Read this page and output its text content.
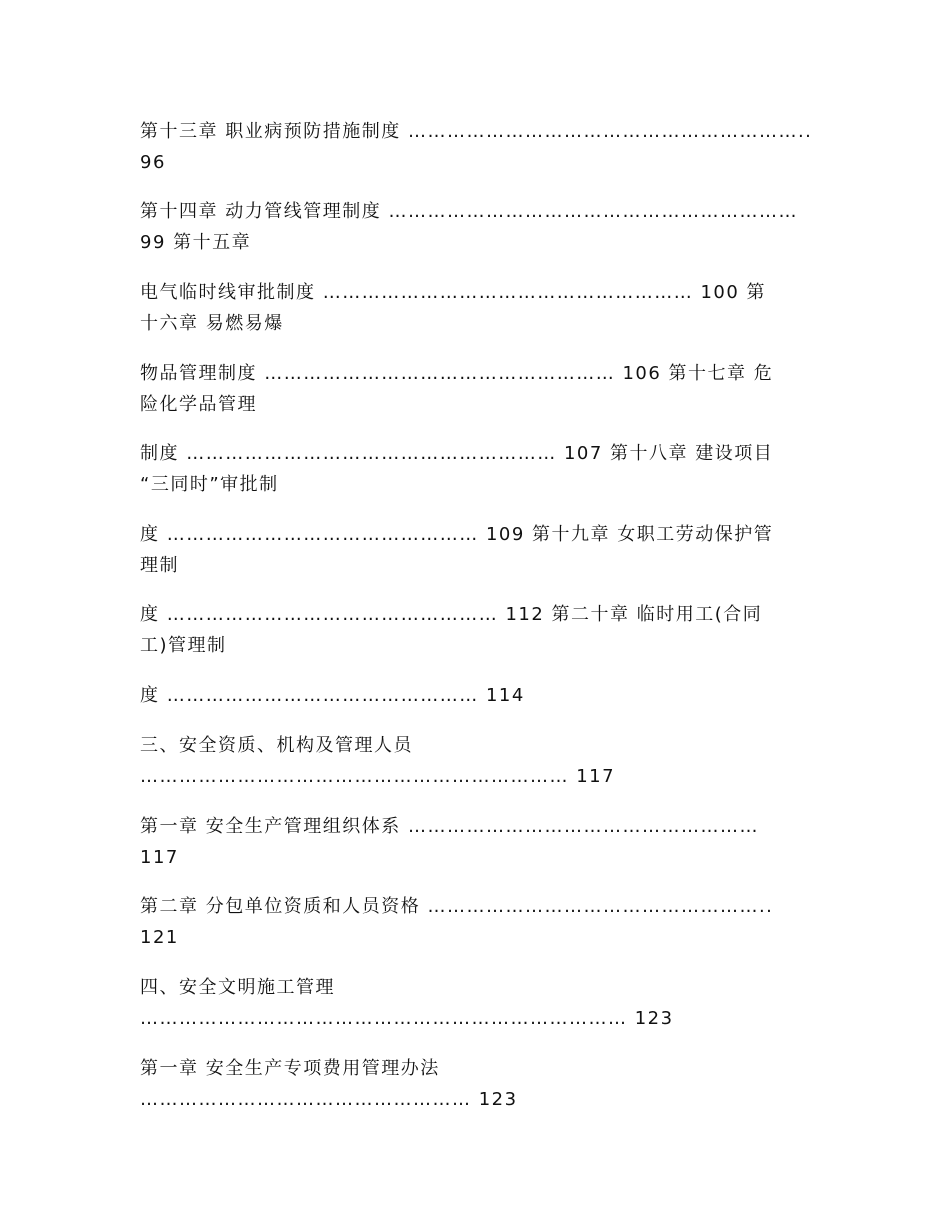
第十三章 职业病预防措施制度 ……………………………………………………..
96
第十四章 动力管线管理制度 ………………………………………………………
99 第十五章
电气临时线审批制度 ………………………………………………… 100 第
十六章 易燃易爆
物品管理制度 ……………………………………………… 106 第十七章 危
险化学品管理
制度 ………………………………………………… 107 第十八章 建设项目
“三同时”审批制
度 ………………………………………… 109 第十九章 女职工劳动保护管
理制
度 …………………………………………… 112 第二十章 临时用工(合同
工)管理制
度 ………………………………………… 114
三、安全资质、机构及管理人员
………………………………………………………… 117
第一章 安全生产管理组织体系 ………………………………………………
117
第二章 分包单位资质和人员资格 ……………………………………………..
121
四、安全文明施工管理
………………………………………………………………… 123
第一章 安全生产专项费用管理办法
…………………………………………… 123
